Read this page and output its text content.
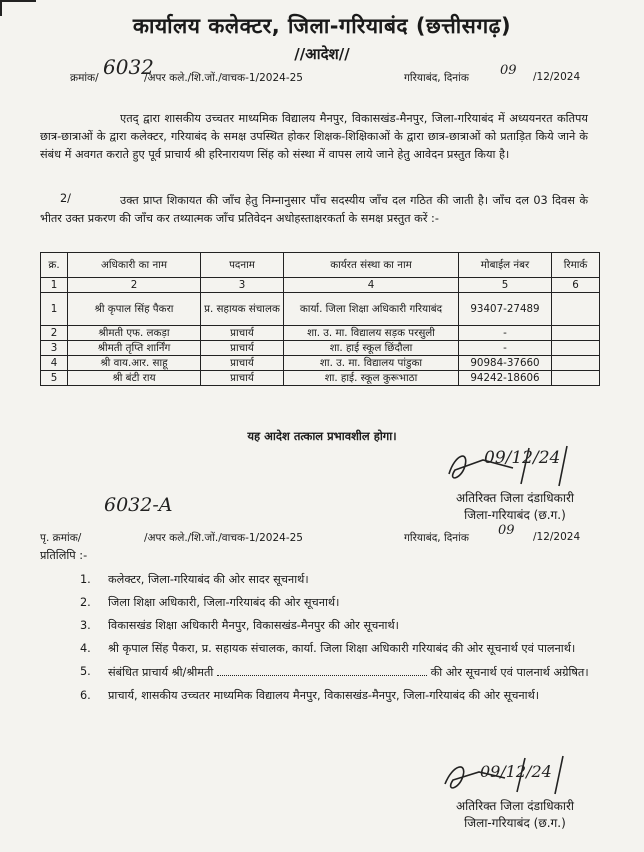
कार्यालय कलेक्टर, जिला-गरियाबंद (छत्तीसगढ़)
//आदेश//
क्रमांक/ 6032
/अपर कले./शि.जों./वाचक-1/2024-25	गरियाबंद, दिनांक 09 /12/2024
एतद् द्वारा शासकीय उच्चतर माध्यमिक विद्यालय मैनपुर, विकासखंड-मैनपुर, जिला-गरियाबंद में अध्ययनरत कतिपय छात्र-छात्राओं के द्वारा कलेक्टर, गरियाबंद के समक्ष उपस्थित होकर शिक्षक-शिक्षिकाओं के द्वारा छात्र-छात्राओं को प्रताड़ित किये जाने के संबंध में अवगत कराते हुए पूर्व प्राचार्य श्री हरिनारायण सिंह को संस्था में वापस लाये जाने हेतु आवेदन प्रस्तुत किया है।
2/	उक्त प्राप्त शिकायत की जाँच हेतु निम्नानुसार पाँच सदस्यीय जाँच दल गठित की जाती है। जाँच दल 03 दिवस के भीतर उक्त प्रकरण की जाँच कर तथ्यात्मक जाँच प्रतिवेदन अधोहस्ताक्षरकर्ता के समक्ष प्रस्तुत करें :-
क्र.	अधिकारी का नाम	पदनाम	कार्यरत संस्था का नाम	मोबाईल नंबर	रिमार्क
1	2	3	4	5	6
1	श्री कृपाल सिंह पैकरा	प्र. सहायक संचालक	कार्या. जिला शिक्षा अधिकारी गरियाबंद	93407-27489	
2	श्रीमती एफ. लकड़ा	प्राचार्य	शा. उ. मा. विद्यालय सड़क परसुली	-	
3	श्रीमती तृप्ति शार्निंग	प्राचार्य	शा. हाई स्कूल छिंदौला	-	
4	श्री वाय.आर. साहू	प्राचार्य	शा. उ. मा. विद्यालय पांडुका	90984-37660	
5	श्री बंटी राय	प्राचार्य	शा. हाई. स्कूल कुरूभाठा	94242-18606	
यह आदेश तत्काल प्रभावशील होगा।
09/12/24
अतिरिक्त जिला दंडाधिकारी
जिला-गरियाबंद (छ.ग.)
6032-A
पृ. क्रमांक/	/अपर कले./शि.जों./वाचक-1/2024-25	गरियाबंद, दिनांक 09 /12/2024
प्रतिलिपि :-
1. कलेक्टर, जिला-गरियाबंद की ओर सादर सूचनार्थ।
2. जिला शिक्षा अधिकारी, जिला-गरियाबंद की ओर सूचनार्थ।
3. विकासखंड शिक्षा अधिकारी मैनपुर, विकासखंड-मैनपुर की ओर सूचनार्थ।
4. श्री कृपाल सिंह पैकरा, प्र. सहायक संचालक, कार्या. जिला शिक्षा अधिकारी गरियाबंद की ओर सूचनार्थ एवं पालनार्थ।
5. संबंधित प्राचार्य श्री/श्रीमती	की ओर सूचनार्थ एवं पालनार्थ अग्रेषित।
6. प्राचार्य, शासकीय उच्चतर माध्यमिक विद्यालय मैनपुर, विकासखंड-मैनपुर, जिला-गरियाबंद की ओर सूचनार्थ।
09/12/24
अतिरिक्त जिला दंडाधिकारी
जिला-गरियाबंद (छ.ग.)
